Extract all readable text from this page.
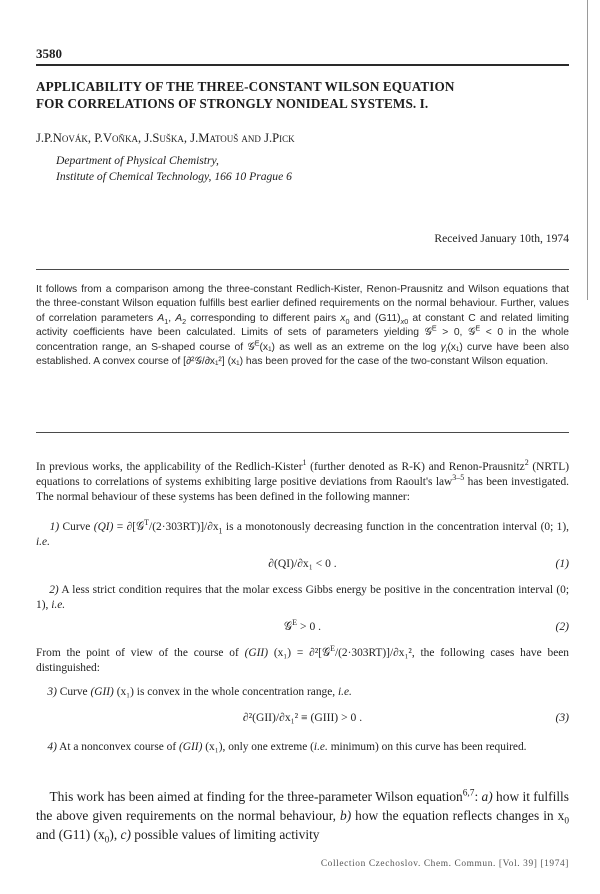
3580
APPLICABILITY OF THE THREE-CONSTANT WILSON EQUATION
FOR CORRELATIONS OF STRONGLY NONIDEAL SYSTEMS. I.
J.P.Novák, P.Voňka, J.Suška, J.Matouš and J.Pick
Department of Physical Chemistry,
Institute of Chemical Technology, 166 10 Prague 6
Received January 10th, 1974
It follows from a comparison among the three-constant Redlich-Kister, Renon-Prausnitz and Wilson equations that the three-constant Wilson equation fulfills best earlier defined requirements on the normal behaviour. Further, values of correlation parameters $A_1$, $A_2$ corresponding to different pairs $x_0$ and $(G11)_{x0}$ at constant C and related limiting activity coefficients have been calculated. Limits of sets of parameters yielding 𝒢$^E$ > 0, 𝒢$^E$ < 0 in the whole concentration range, an S-shaped course of 𝒢$^E$(x₁) as well as an extreme on the $\log \gamma_i(x_1)$ curve have been also established. A convex course of [∂²𝒢/∂x₁²] (x₁) has been proved for the case of the two-constant Wilson equation.
In previous works, the applicability of the Redlich-Kister$^1$ (further denoted as R-K) and Renon-Prausnitz$^2$ (NRTL) equations to correlations of systems exhibiting large positive deviations from Raoult's law$^{3-5}$ has been investigated. The normal behaviour of these systems has been defined in the following manner:
1) Curve $(QI) = \partial[𝒢^T/(2\cdot 303RT)]/\partial x_1$ is a monotonously decreasing function in the concentration interval (0; 1), i.e.
∂(QI)/∂x₁ < 0 .	(1)
2) A less strict condition requires that the molar excess Gibbs energy be positive in the concentration interval (0; 1), i.e.
𝒢$^E$ > 0 .	(2)
From the point of view of the course of (GII) (x₁) = ∂²[𝒢$^E$/(2·303RT)]/∂x₁², the following cases have been distinguished:
3) Curve (GII) (x₁) is convex in the whole concentration range, i.e.
∂²(GII)/∂x₁² ≡ (GIII) > 0 .	(3)
4) At a nonconvex course of (GII) (x₁), only one extreme (i.e. minimum) on this curve has been required.
This work has been aimed at finding for the three-parameter Wilson equation$^{6,7}$: a) how it fulfills the above given requirements on the normal behaviour, b) how the equation reflects changes in $x_0$ and (G11) $(x_0)$, c) possible values of limiting activity
Collection Czechoslov. Chem. Commun. [Vol. 39] [1974]
